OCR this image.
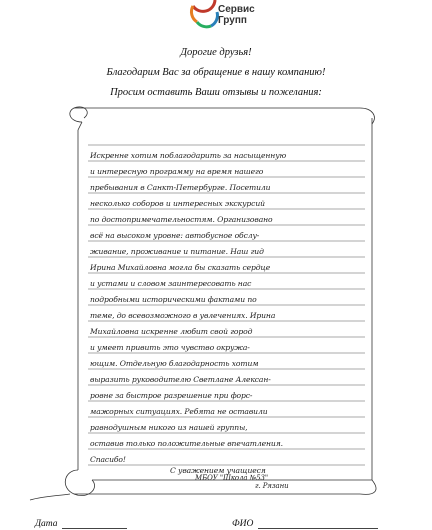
Сервис
Групп
Дорогие друзья!
Благодарим Вас за обращение в нашу компанию!
Просим оставить Ваши отзывы и пожелания:
Искренне хотим поблагодарить за насыщенную
и интересную программу на время нашего
пребывания в Санкт-Петербурге. Посетили
несколько соборов и интересных экскурсий
по достопримечательностям. Организовано
всё на высоком уровне: автобусное обслу-
живание, проживание и питание. Наш гид
Ирина Михайловна могла бы сказать сердце
и устами и словом заинтересовать нас
подробными историческими фактами по
теме, до всевозможного в увлечениях. Ирина
Михайловна искренне любит свой город
и умеет привить это чувство окружа-
ющим. Отдельную благодарность хотим
выразить руководителю Светлане Алексан-
ровне за быстрое разрешение при форс-
мажорных ситуациях. Ребята не оставили
равнодушным никого из нашей группы,
оставив только положительные впечатления.
Спасибо!
С уважением учащиеся
МБОУ "Школа №53"
г. Рязани
Дата	ФИО
